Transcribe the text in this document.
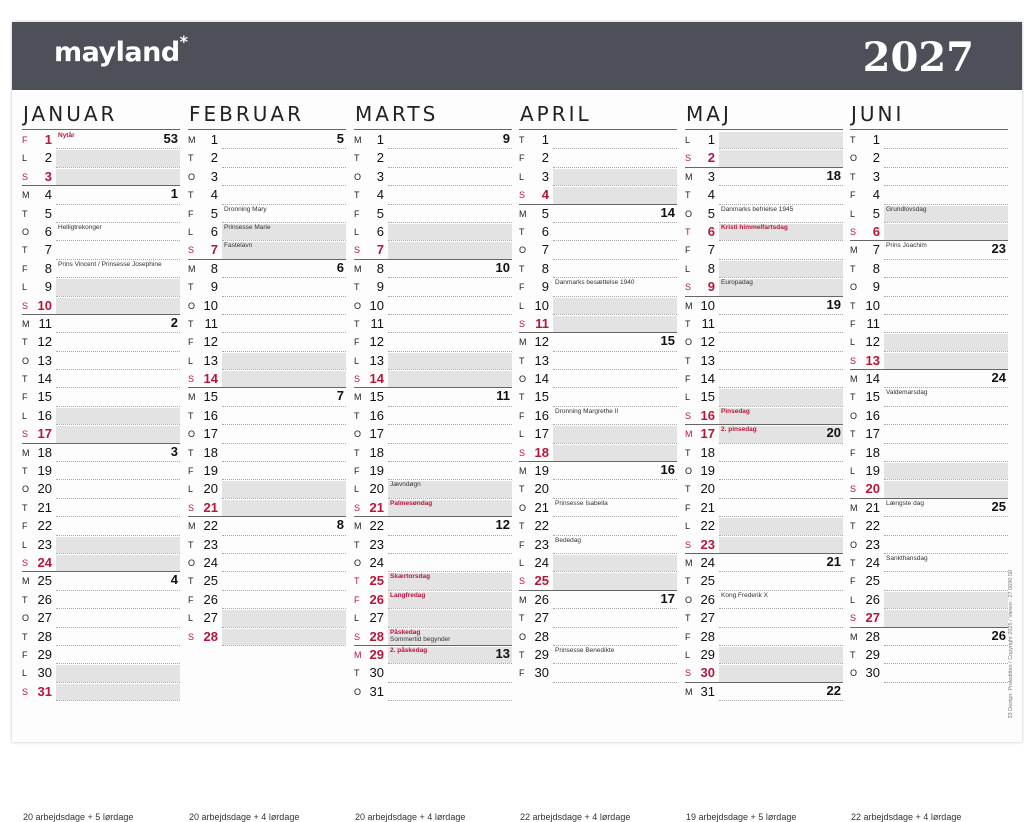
mayland*	2027
JANUAR
F	1 Nytår	53
L	2
S	3
M	4	1
T	5
O	6 Helligtrekonger
T	7
F	8 Prins Vincent / Prinsesse Josephine
L	9
S 10
M 11	2
T 12
O 13
T 14
F 15
L 16
S 17
M 18	3
T 19
O 20
T 21
F 22
L 23
S 24
M 25	4
T 26
O 27
T 28
F 29
L 30
S 31
20 arbejdsdage + 5 lørdage
FEBRUAR
M	1	5
T	2
O	3
T	4
F	5 Dronning Mary
L	6 Prinsesse Marie
S	7 Fastelavn
M	8	6
T	9
O 10
T 11
F 12
L 13
S 14
M 15	7
T 16
O 17
T 18
F 19
L 20
S 21
M 22	8
T 23
O 24
T 25
F 26
L 27
S 28
20 arbejdsdage + 4 lørdage
MARTS
M	1	9
T	2
O	3
T	4
F	5
L	6
S	7
M	8	10
T	9
O 10
T 11
F 12
L 13
S 14
M 15	11
T 16
O 17
T 18
F 19
L 20 Jævndøgn
S 21 Palmesøndag
M 22	12
T 23
O 24
T 25 Skærtorsdag
F 26 Langfredag
L 27
S 28 Påskedag
Sommertid begynder
M 29 2. påskedag	13
T 30
O 31
20 arbejdsdage + 4 lørdage
APRIL
T	1
F	2
L	3
S	4
M	5	14
T	6
O	7
T	8
F	9 Danmarks besættelse 1940
L 10
S 11
M 12	15
T 13
O 14
T 15
F 16 Dronning Margrethe II
L 17
S 18
M 19	16
T 20
O 21 Prinsesse Isabella
T 22
F 23 Bededag
L 24
S 25
M 26	17
T 27
O 28
T 29 Prinsesse Benedikte
F 30
22 arbejdsdage + 4 lørdage
MAJ
L	1
S	2
M	3	18
T	4
O	5 Danmarks befrielse 1945
T	6 Kristi himmelfartsdag
F	7
L	8
S	9 Europadag
M 10	19
T 11
O 12
T 13
F 14
L 15
S 16 Pinsedag
M 17 2. pinsedag	20
T 18
O 19
T 20
F 21
L 22
S 23
M 24	21
T 25
O 26 Kong Frederik X
T 27
F 28
L 29
S 30
M 31	22
19 arbejdsdage + 5 lørdage
JUNI
T	1
O	2
T	3
F	4
L	5 Grundlovsdag
S	6
M	7 Prins Joachim	23
T	8
O	9
T 10
F 11
L 12
S 13
M 14	24
T 15 Valdemarsdag
O 16
T 17
F 18
L 19
S 20
M 21 Længste dag	25
T 22
O 23
T 24 Sankthansdag
F 25
L 26
S 27
M 28	26
T 29
O 30
22 arbejdsdage + 4 lørdage
33 Design: Proleditten / Copyright 2025 / Varenr.: 27 0690 50
